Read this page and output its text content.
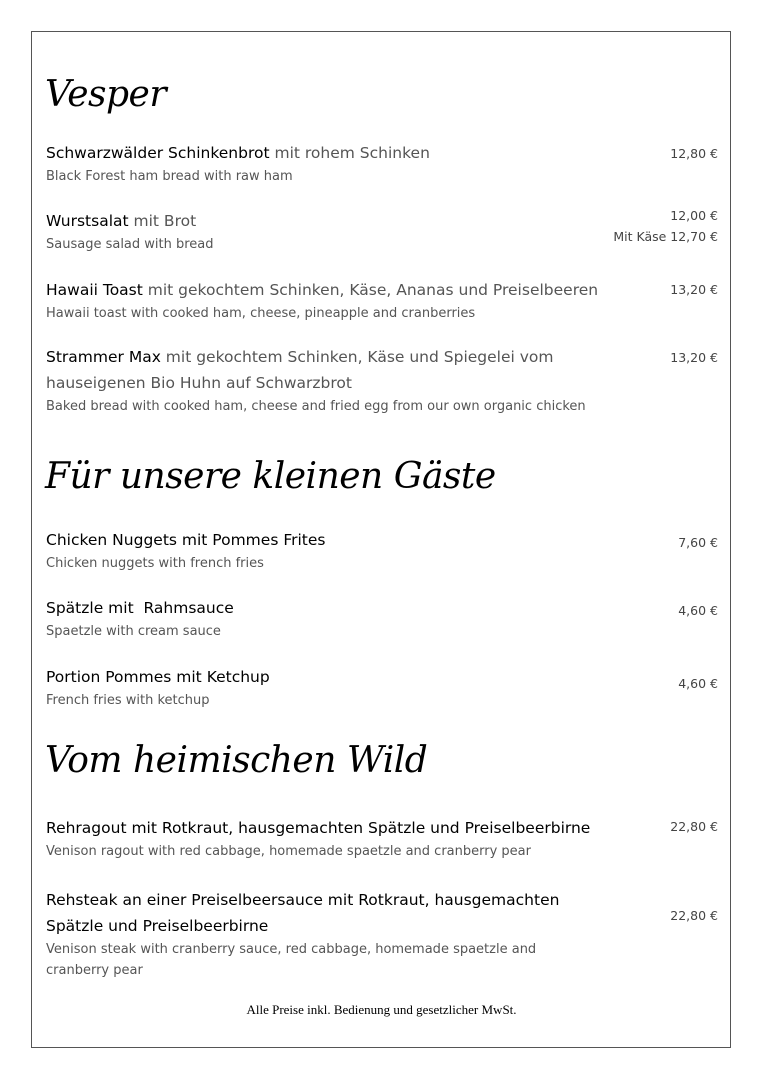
Vesper
Schwarzwälder Schinkenbrot mit rohem Schinken
Black Forest ham bread with raw ham
12,80 €
Wurstsalat mit Brot
Sausage salad with bread
12,00 €
Mit Käse 12,70 €
Hawaii Toast mit gekochtem Schinken, Käse, Ananas und Preiselbeeren
Hawaii toast with cooked ham, cheese, pineapple and cranberries
13,20 €
Strammer Max mit gekochtem Schinken, Käse und Spiegelei vom
hauseigenen Bio Huhn auf Schwarzbrot
Baked bread with cooked ham, cheese and fried egg from our own organic chicken
13,20 €
Für unsere kleinen Gäste
Chicken Nuggets mit Pommes Frites
Chicken nuggets with french fries
7,60 €
Spätzle mit  Rahmsauce
Spaetzle with cream sauce
4,60 €
Portion Pommes mit Ketchup
French fries with ketchup
4,60 €
Vom heimischen Wild
Rehragout mit Rotkraut, hausgemachten Spätzle und Preiselbeerbirne
Venison ragout with red cabbage, homemade spaetzle and cranberry pear
22,80 €
Rehsteak an einer Preiselbeersauce mit Rotkraut, hausgemachten
Spätzle und Preiselbeerbirne
Venison steak with cranberry sauce, red cabbage, homemade spaetzle and
cranberry pear
22,80 €
Alle Preise inkl. Bedienung und gesetzlicher MwSt.
